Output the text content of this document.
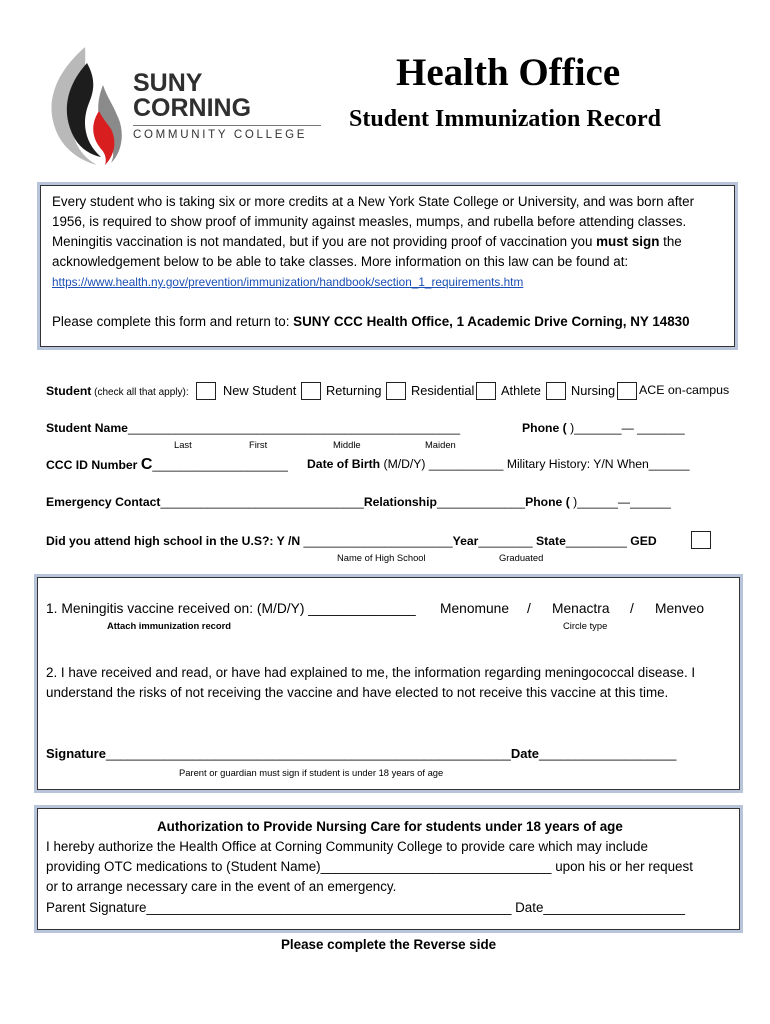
SUNY
CORNING
COMMUNITY COLLEGE
Health Office
Student Immunization Record
Every student who is taking six or more credits at a New York State College or University, and was born after
1956, is required to show proof of immunity against measles, mumps, and rubella before attending classes.
Meningitis vaccination is not mandated, but if you are not providing proof of vaccination you must sign the
acknowledgement below to be able to take classes. More information on this law can be found at:
https://www.health.ny.gov/prevention/immunization/handbook/section_1_requirements.htm
Please complete this form and return to: SUNY CCC Health Office, 1 Academic Drive Corning, NY 14830
Student (check all that apply):	New Student Returning Residential Athlete Nursing ACE on-campus
Student Name_________________________________________________	Phone ( )_______— _______
Last	First	Middle	Maiden
CCC ID Number C____________________ Date of Birth (M/D/Y) ___________ Military History: Y/N When______
Emergency Contact______________________________Relationship_____________Phone ( )______—______
Did you attend high school in the U.S?: Y /N ______________________Year________ State_________ GED
Name of High School	Graduated
1. Meningitis vaccine received on: (M/D/Y) ______________ Menomune / Menactra / Menveo
Attach immunization record	Circle type
2. I have received and read, or have had explained to me, the information regarding meningococcal disease. I
understand the risks of not receiving the vaccine and have elected to not receive this vaccine at this time.
Signature________________________________________________________Date___________________
Parent or guardian must sign if student is under 18 years of age
Authorization to Provide Nursing Care for students under 18 years of age
I hereby authorize the Health Office at Corning Community College to provide care which may include
providing OTC medications to (Student Name)_______________________________ upon his or her request
or to arrange necessary care in the event of an emergency.
Parent Signature_________________________________________________ Date___________________
Please complete the Reverse side
